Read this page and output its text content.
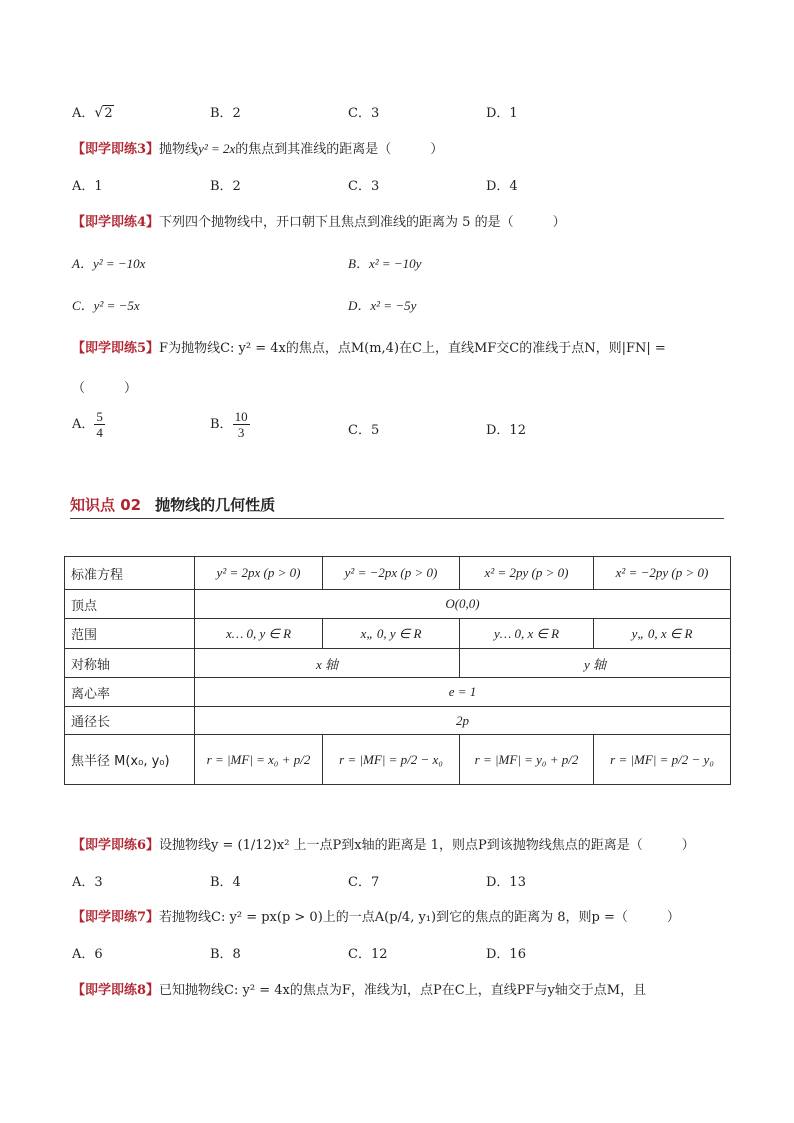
A．√2	B．2	C．3	D．1
【即学即练3】抛物线y² = 2x的焦点到其准线的距离是（　　　）
A．1	B．2	C．3	D．4
【即学即练4】下列四个抛物线中，开口朝下且焦点到准线的距离为 5 的是（　　　）
A．y² = −10x	B．x² = −10y
C．y² = −5x	D．x² = −5y
【即学即练5】F为抛物线C: y² = 4x的焦点，点M(m,4)在C上，直线MF交C的准线于点N，则|FN| =
（　　　）
A． $\frac{5}{4}$	B． $\frac{10}{3}$	C．5	D．12
知识点 02 抛物线的几何性质
标准方程	y² = 2px (p > 0)	y² = −2px (p > 0)	x² = 2py (p > 0)	x² = −2py (p > 0)
顶点	O(0,0)			
范围	x… 0, y ∈ R	x„ 0, y ∈ R	y… 0, x ∈ R	y„ 0, x ∈ R
对称轴	x 轴		y 轴	
离心率	e = 1			
通径长	2p			
焦半径 M(x₀, y₀)	r = |MF| = x₀ + p/2	r = |MF| = p/2 − x₀	r = |MF| = y₀ + p/2	r = |MF| = p/2 − y₀
【即学即练6】设抛物线y = (1/12)x² 上一点P到x轴的距离是 1，则点P到该抛物线焦点的距离是（　　　）
A．3	B．4	C．7	D．13
【即学即练7】若抛物线C: y² = px(p > 0)上的一点A(p/4, y₁)到它的焦点的距离为 8，则p =（　　　）
A．6	B．8	C．12	D．16
【即学即练8】已知抛物线C: y² = 4x的焦点为F，准线为l，点P在C上，直线PF与y轴交于点M，且
